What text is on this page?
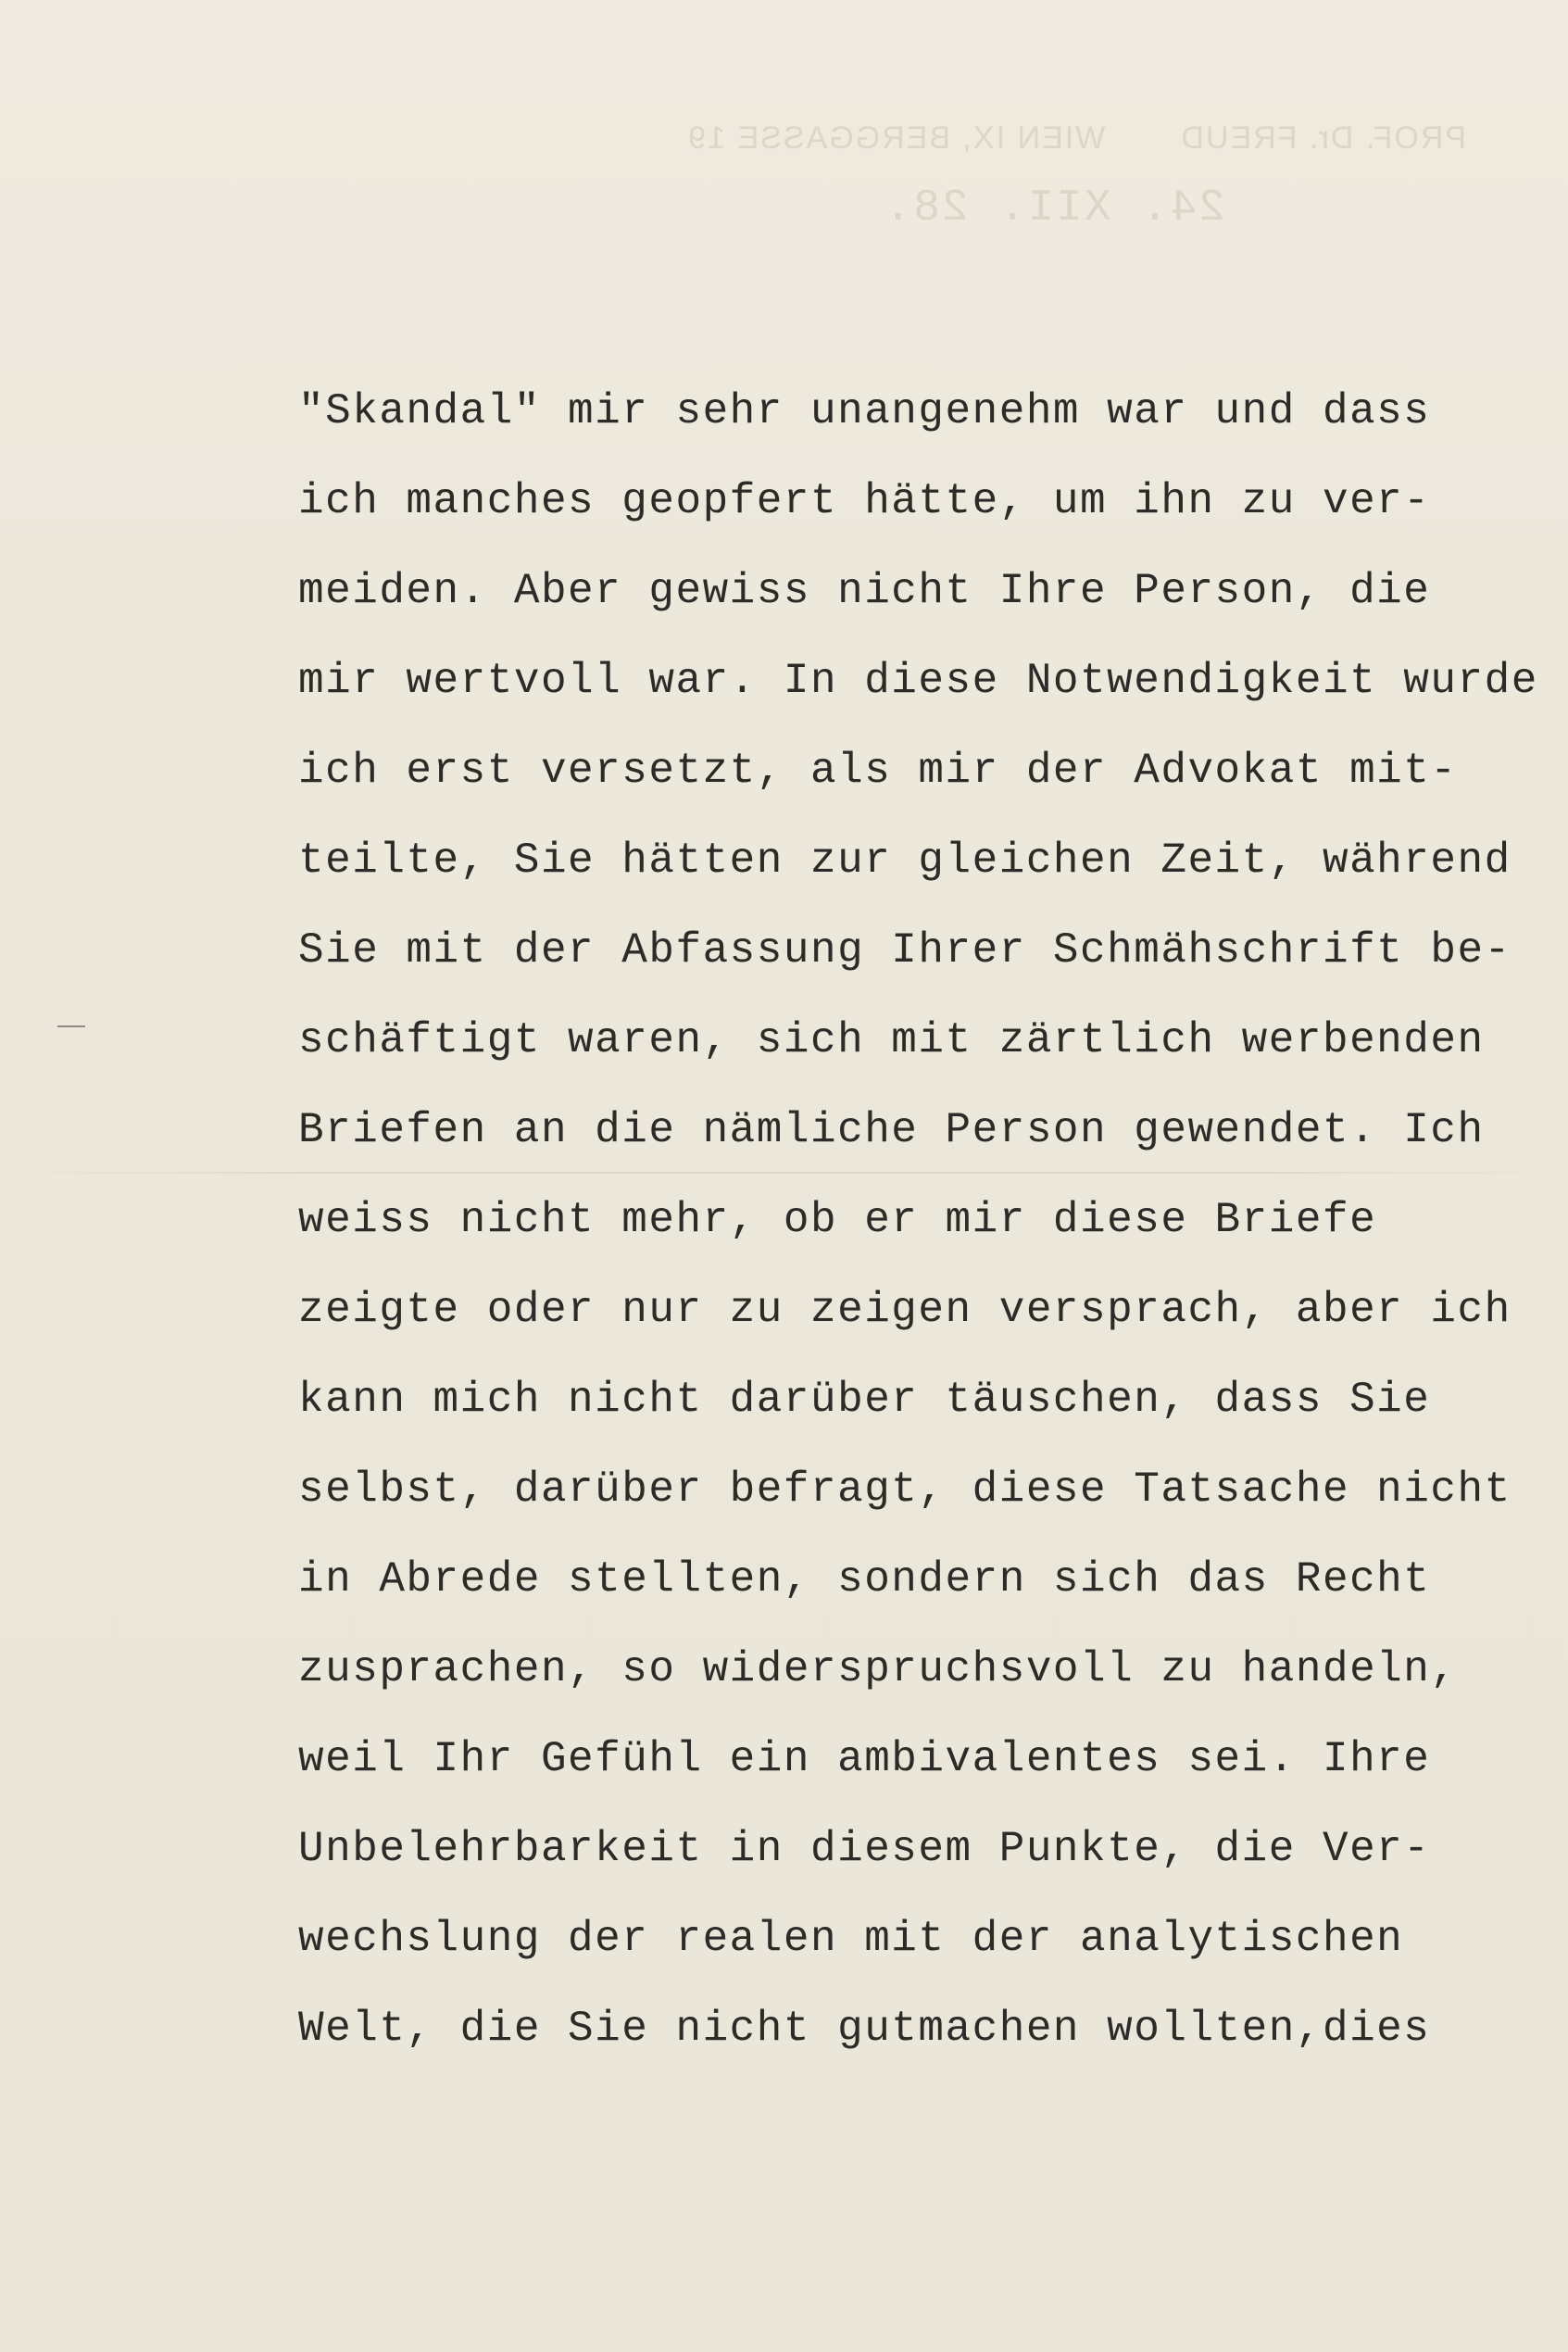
PROF. Dr. FREUD       WIEN IX, BERGGASSE 19
24. XII. 28.
"Skandal" mir sehr unangenehm war und dass
ich manches geopfert hätte, um ihn zu ver-
meiden. Aber gewiss nicht Ihre Person, die
mir wertvoll war. In diese Notwendigkeit wurde
ich erst versetzt, als mir der Advokat mit-
teilte, Sie hätten zur gleichen Zeit, während
Sie mit der Abfassung Ihrer Schmähschrift be-
schäftigt waren, sich mit zärtlich werbenden
Briefen an die nämliche Person gewendet. Ich
weiss nicht mehr, ob er mir diese Briefe
zeigte oder nur zu zeigen versprach, aber ich
kann mich nicht darüber täuschen, dass Sie
selbst, darüber befragt, diese Tatsache nicht
in Abrede stellten, sondern sich das Recht
zusprachen, so widerspruchsvoll zu handeln,
weil Ihr Gefühl ein ambivalentes sei. Ihre
Unbelehrbarkeit in diesem Punkte, die Ver-
wechslung der realen mit der analytischen
Welt, die Sie nicht gutmachen wollten,dies
